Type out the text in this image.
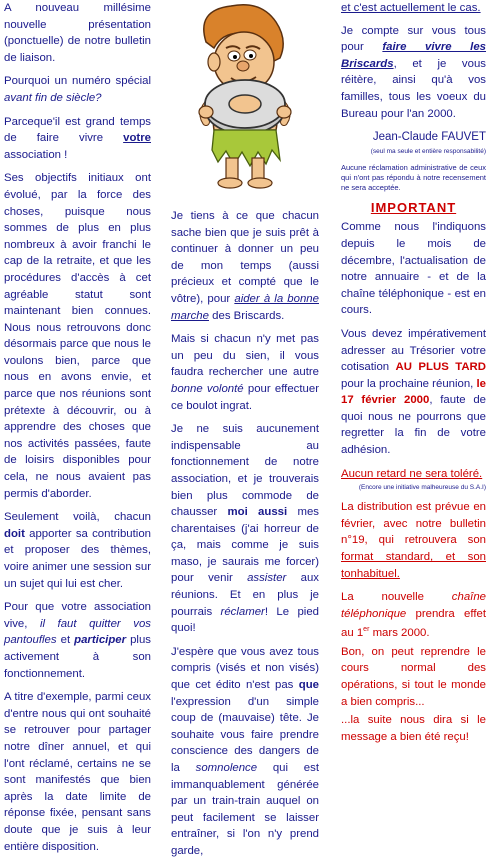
A nouveau millésime nouvelle présentation (ponctuelle) de notre bulletin de liaison.

Pourquoi un numéro spécial avant fin de siècle?

Parceque'il est grand temps de faire vivre votre association !

Ses objectifs initiaux ont évolué, par la force des choses, puisque nous sommes de plus en plus nombreux à avoir franchi le cap de la retraite, et que les procédures d'accès à cet agréable statut sont maintenant bien connues. Nous nous retrouvons donc désormais parce que nous le voulons bien, parce que nous en avons envie, et parce que nos réunions sont prétexte à découvrir, ou à apprendre des choses que nos activités passées, faute de loisirs disponibles pour cela, ne nous avaient pas permis d'aborder.

Seulement voilà, chacun doit apporter sa contribution et proposer des thèmes, voire animer une session sur un sujet qui lui est cher.

Pour que votre association vive, il faut quitter vos pantoufles et participer plus activement à son fonctionnement.

A titre d'exemple, parmi ceux d'entre nous qui ont souhaité se retrouver pour partager notre dîner annuel, et qui l'ont réclamé, certains ne se sont manifestés que bien après la date limite de réponse fixée, pensant sans doute que je suis à leur entière disposition.

Je tiens à ce que chacun sache bien que je suis prêt à continuer à donner un peu de mon temps (aussi précieux et compté que le vôtre), pour aider à la bonne marche des Briscards.

Mais si chacun n'y met pas un peu du sien, il vous faudra rechercher une autre bonne volonté pour effectuer ce boulot ingrat.

Je ne suis aucunement indispensable au fonctionnement de notre association, et je trouverais bien plus commode de chausser moi aussi mes charentaises (j'ai horreur de ça, mais comme je suis maso, je saurais me forcer) pour venir assister aux réunions. Et en plus je pourrais réclamer! Le pied quoi!

J'espère que vous avez tous compris (visés et non visés) que cet édito n'est pas que l'expression d'un simple coup de (mauvaise) tête. Je souhaite vous faire prendre conscience des dangers de la somnolence qui est immanquablement générée par un train-train auquel on peut facilement se laisser entraîner, si l'on n'y prend garde,

et c'est actuellement le cas.

Je compte sur vous tous pour faire vivre les Briscards, et je vous réitère, ainsi qu'à vos familles, tous les voeux du Bureau pour l'an 2000.

Jean-Claude FAUVET

(seul ma seule et entière responsabilité)

Aucune réclamation administrative de ceux qui n'ont pas répondu à notre recensement ne sera acceptée.

IMPORTANT

Comme nous l'indiquons depuis le mois de décembre, l'actualisation de notre annuaire - et de la chaîne téléphonique - est en cours.

Vous devez impérativement adresser au Trésorier votre cotisation AU PLUS TARD pour la prochaine réunion, le 17 février 2000, faute de quoi nous ne pourrons que regretter la fin de votre adhésion.

Aucun retard ne sera toléré.

(Encore une initiative malheureuse du S.A.I)

La distribution est prévue en février, avec notre bulletin n°19, qui retrouvera son format standard, et son tonhabituel.

La nouvelle chaîne téléphonique prendra effet au 1er mars 2000.

Bon, on peut reprendre le cours normal des opérations, si tout le monde a bien compris...

...la suite nous dira si le message a bien été reçu!
